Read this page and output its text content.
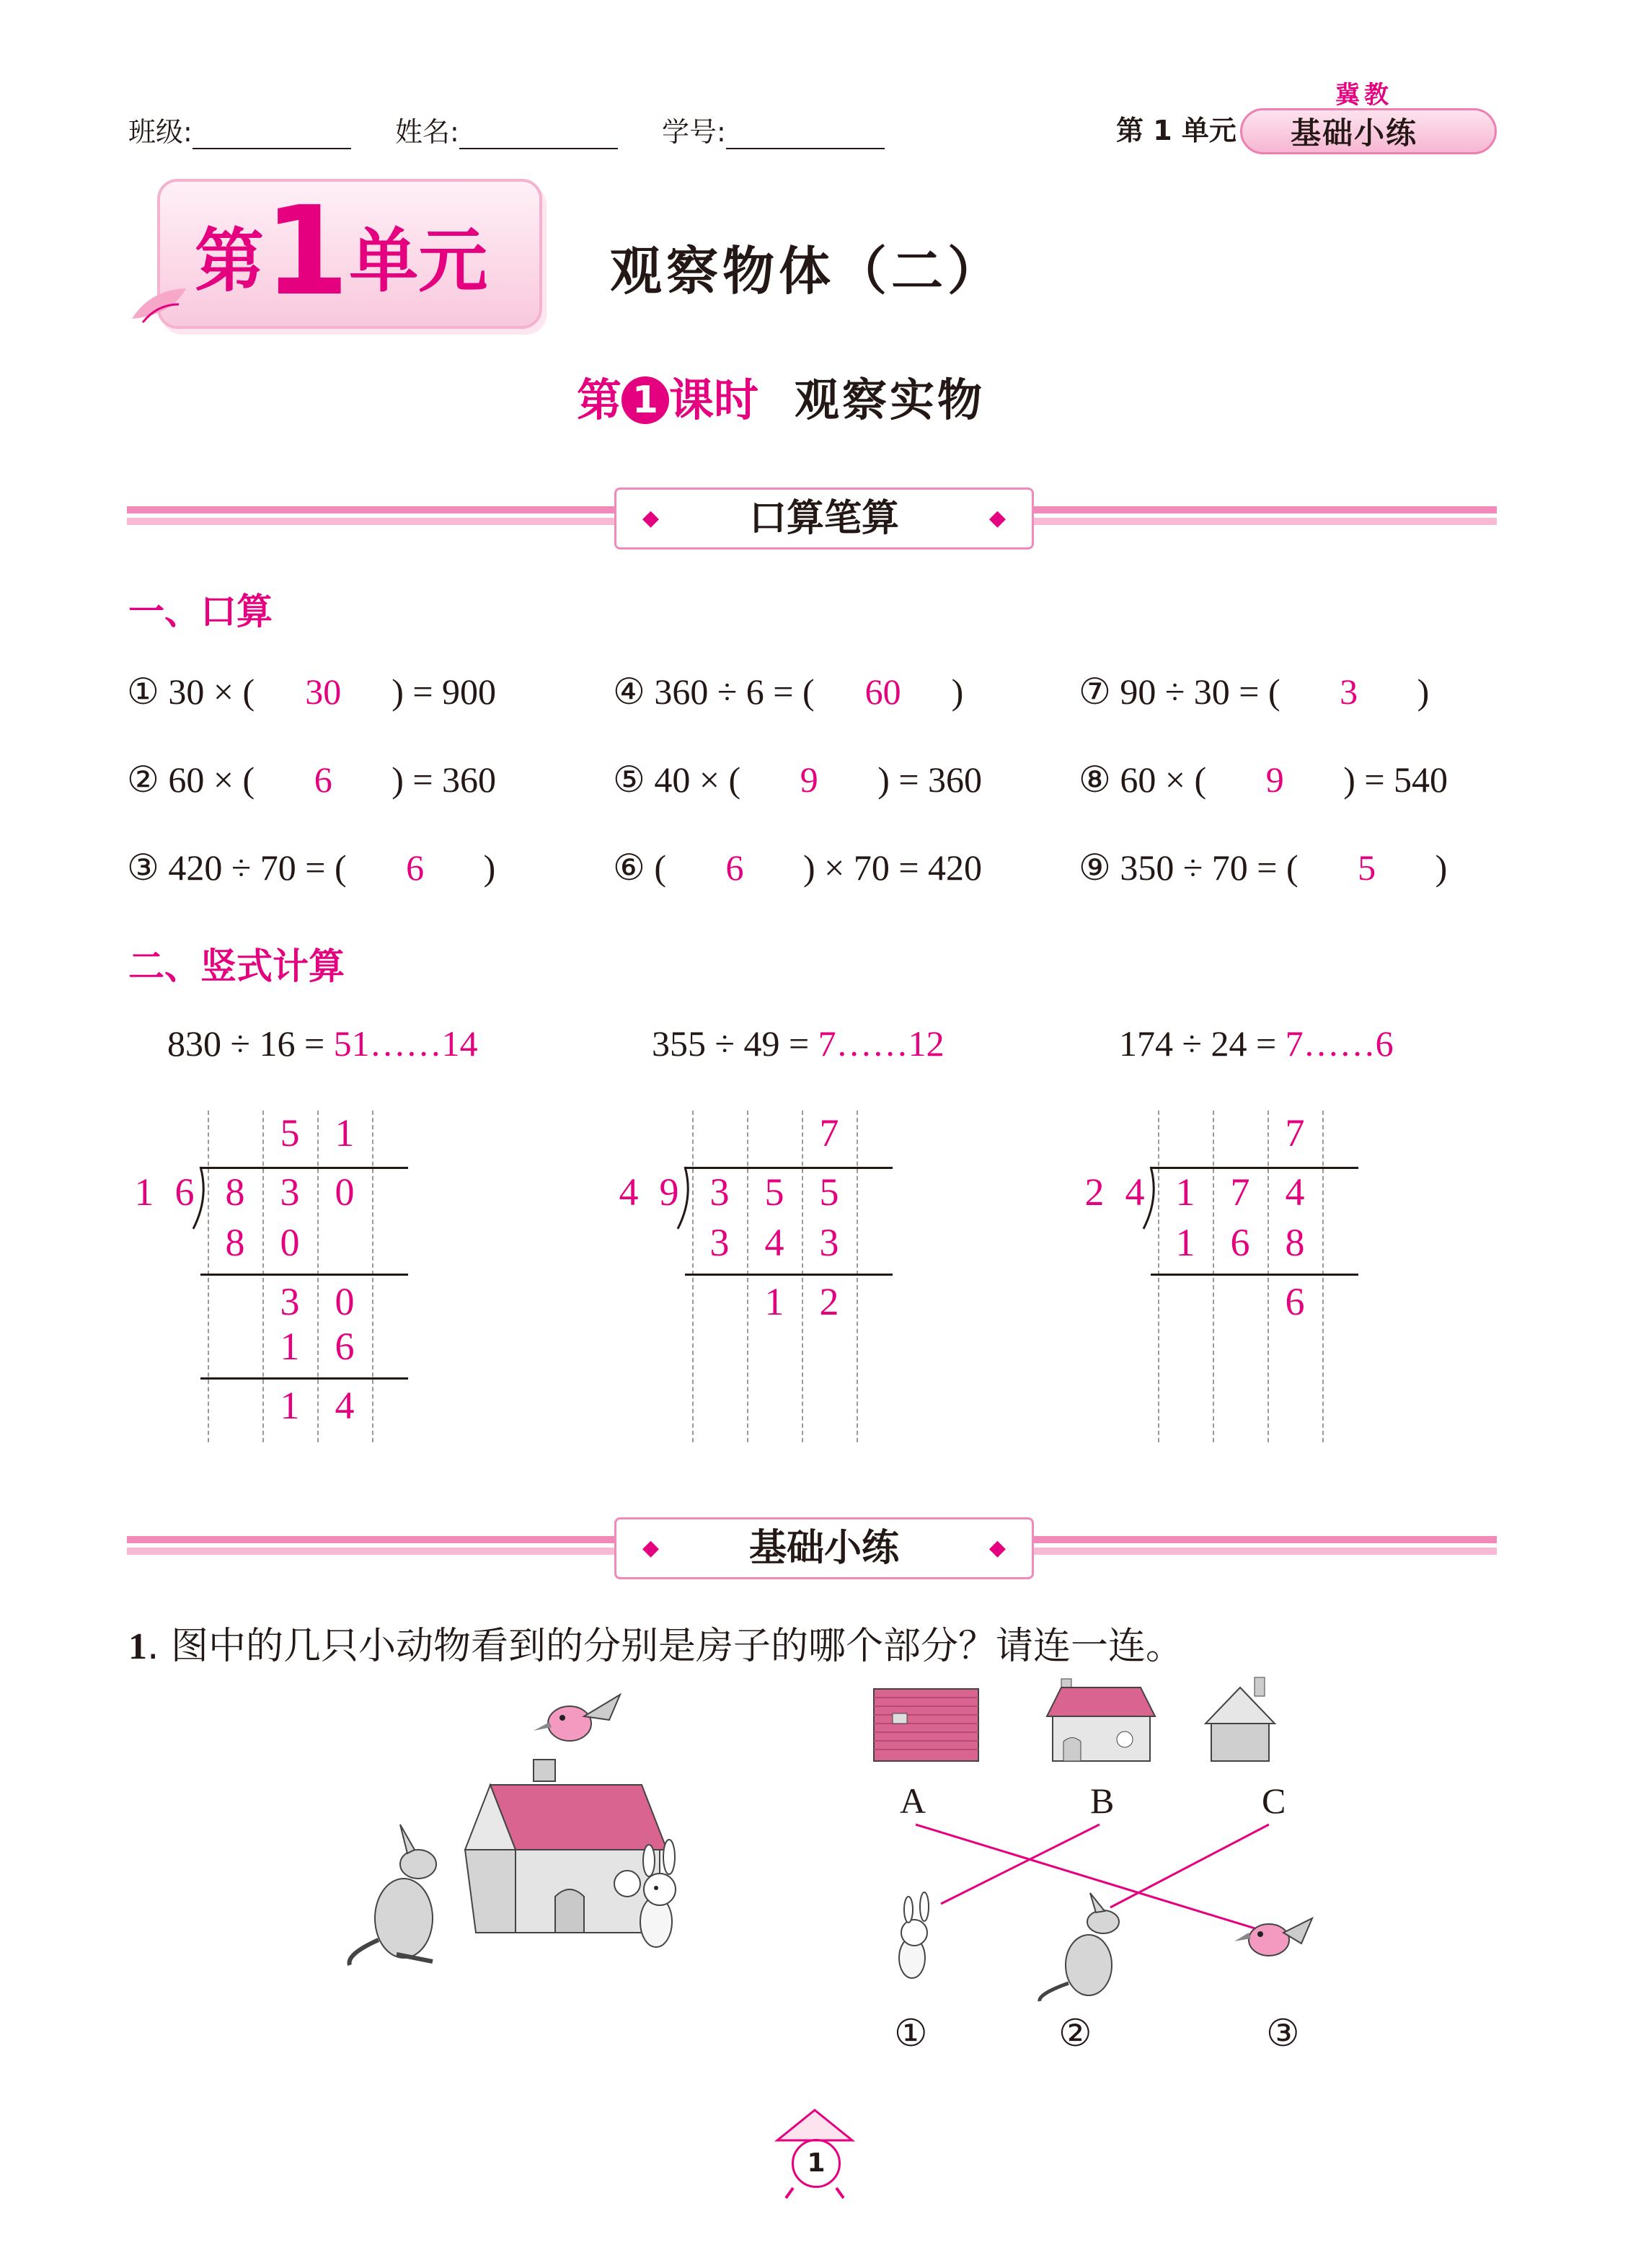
班级:	姓名:	学号:	第 1 单元
冀教
基础小练
第1单元 观察物体（二）
第 1 课时 观察实物
◆ 口算笔算	◆
一、口算
① 30 × ( 30 ) = 900	④ 360 ÷ 6 = ( 60 )	⑦ 90 ÷ 30 = ( 3 )
② 60 × ( 6 ) = 360	⑤ 40 × ( 9 ) = 360	⑧ 60 × ( 9 ) = 540
③ 420 ÷ 70 = ( 6 )	⑥ ( 6 ) × 70 = 420	⑨ 350 ÷ 70 = ( 5 )
二、竖式计算
830 ÷ 16 = 51……14	355 ÷ 49 = 7……12	174 ÷ 24 = 7……6
1 6
5 1
8 3 0
8 0
3 0
1 6
1 4
4 9
7
3 5 5
3 4 3
1 2
2 4
7
1 7 4
1 6 8
6
◆ 基础小练	◆
1. 图中的几只小动物看到的分别是房子的哪个部分？请连一连。
A	B	C
①	②	③
1
